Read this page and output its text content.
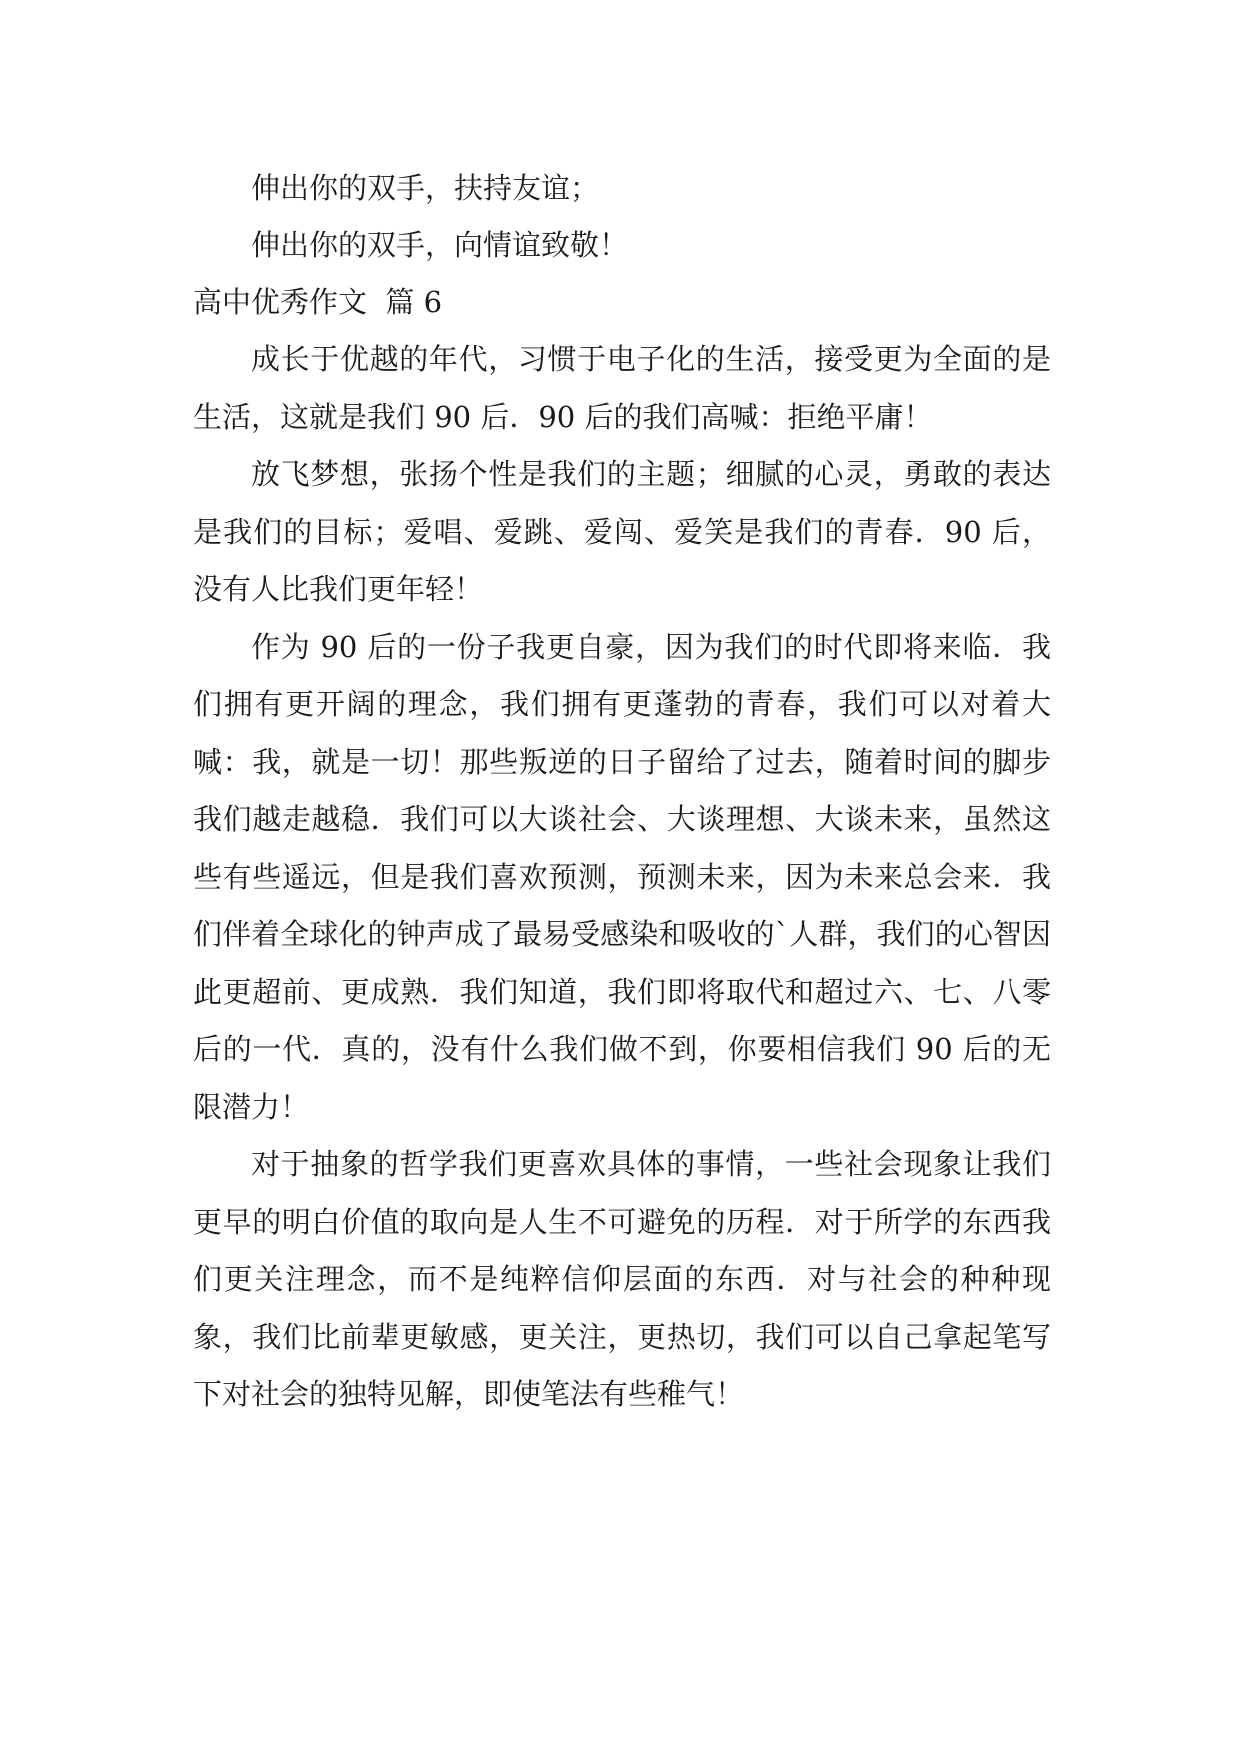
伸出你的双手，扶持友谊；

伸出你的双手，向情谊致敬！

高中优秀作文  篇 6

成长于优越的年代，习惯于电子化的生活，接受更为全面的是生活，这就是我们 90 后．90 后的我们高喊：拒绝平庸！

放飞梦想，张扬个性是我们的主题；细腻的心灵，勇敢的表达是我们的目标；爱唱、爱跳、爱闯、爱笑是我们的青春．90 后，没有人比我们更年轻！

作为 90 后的一份子我更自豪，因为我们的时代即将来临．我们拥有更开阔的理念，我们拥有更蓬勃的青春，我们可以对着大喊：我，就是一切！那些叛逆的日子留给了过去，随着时间的脚步我们越走越稳．我们可以大谈社会、大谈理想、大谈未来，虽然这些有些遥远，但是我们喜欢预测，预测未来，因为未来总会来．我们伴着全球化的钟声成了最易受感染和吸收的`人群，我们的心智因此更超前、更成熟．我们知道，我们即将取代和超过六、七、八零后的一代．真的，没有什么我们做不到，你要相信我们 90 后的无限潜力！

对于抽象的哲学我们更喜欢具体的事情，一些社会现象让我们更早的明白价值的取向是人生不可避免的历程．对于所学的东西我们更关注理念，而不是纯粹信仰层面的东西．对与社会的种种现象，我们比前辈更敏感，更关注，更热切，我们可以自己拿起笔写下对社会的独特见解，即使笔法有些稚气！
